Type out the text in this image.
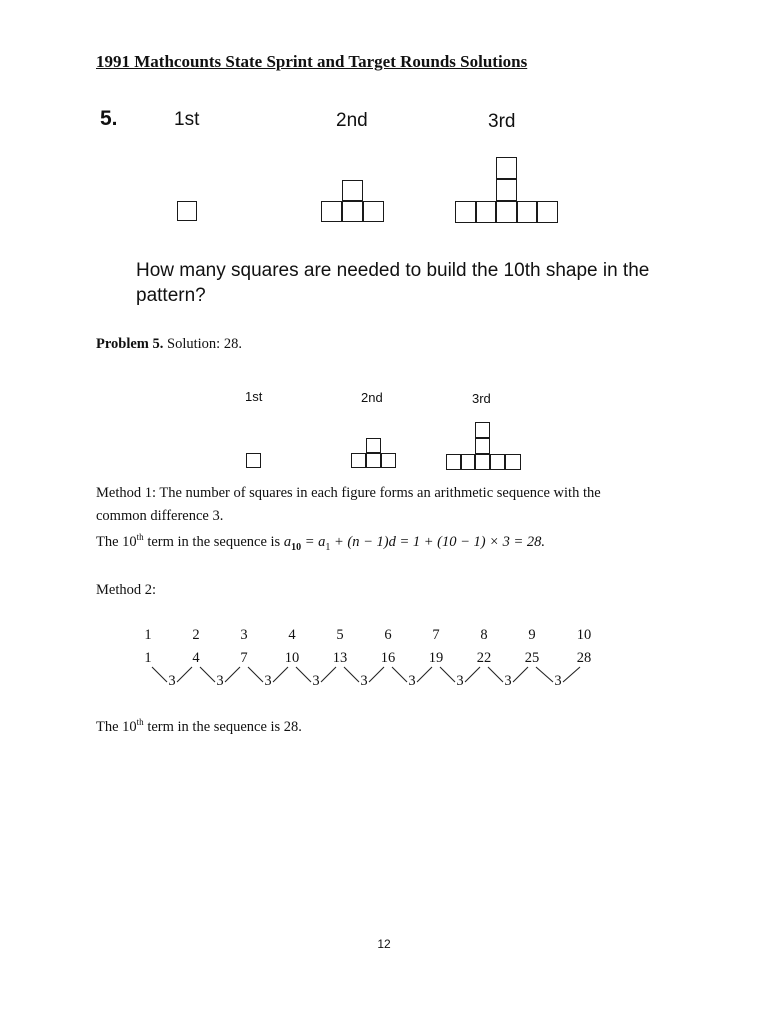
1991 Mathcounts State Sprint and Target Rounds Solutions
5.	1st	2nd	3rd
How many squares are needed to build the 10th shape in the
pattern?
Problem 5. Solution: 28.
1st	2nd	3rd
Method 1: The number of squares in each figure forms an arithmetic sequence with the
common difference 3.
The 10th term in the sequence is $a_{10} = a_1 + (n - 1)d = 1 + (10 - 1) \times 3 = 28$.
Method 2:
1	2	3	4	5	6	7	8	9	10
1	4	7	10	13	16	19	22	25	28
3	3	3	3	3	3	3	3	3
The 10th term in the sequence is 28.
12
